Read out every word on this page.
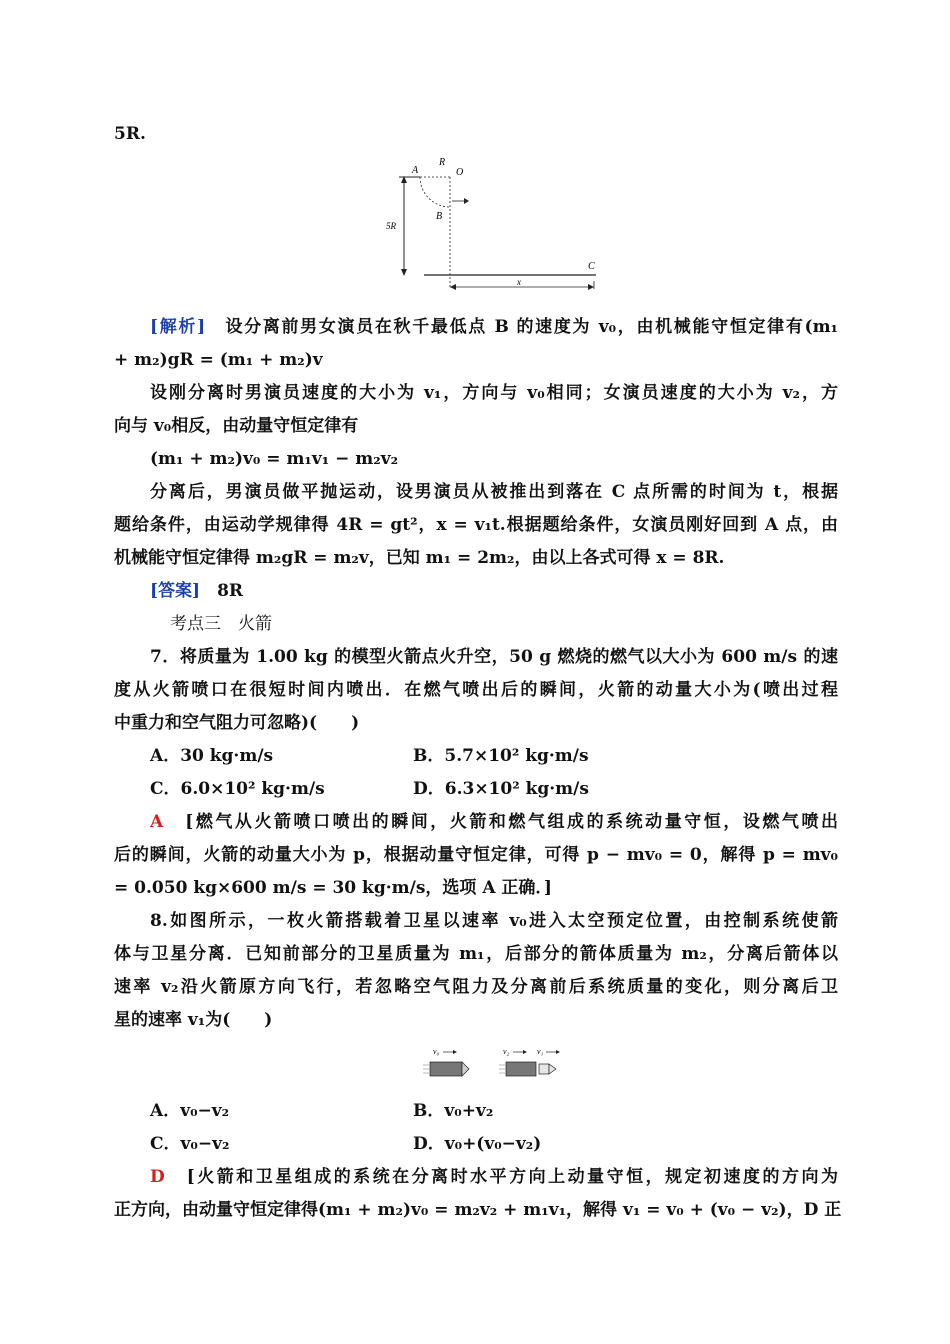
5R.
5R
A
R
O
B
C
x
[解析]　 设分离前男女演员在秋千最低点 B 的速度为 v₀，由机械能守恒定律有(m₁
+ m₂)gR = (m₁ + m₂)v
设刚分离时男演员速度的大小为 v₁，方向与 v₀相同；女演员速度的大小为 v₂，方
向与 v₀相反，由动量守恒定律有
(m₁ + m₂)v₀ = m₁v₁ − m₂v₂
分离后，男演员做平抛运动，设男演员从被推出到落在 C 点所需的时间为 t，根据
题给条件，由运动学规律得 4R = gt²，x = v₁t.根据题给条件，女演员刚好回到 A 点，由
机械能守恒定律得 m₂gR = m₂v，已知 m₁ = 2m₂，由以上各式可得 x = 8R.
[答案]　 8R
考点三　火箭
7．将质量为 1.00 kg 的模型火箭点火升空，50 g 燃烧的燃气以大小为 600 m/s 的速
度从火箭喷口在很短时间内喷出．在燃气喷出后的瞬间，火箭的动量大小为(喷出过程
中重力和空气阻力可忽略)(　　)
A．30 kg·m/s	B．5.7×10² kg·m/s
C．6.0×10² kg·m/s	D．6.3×10² kg·m/s
A　 [燃气从火箭喷口喷出的瞬间，火箭和燃气组成的系统动量守恒，设燃气喷出
后的瞬间，火箭的动量大小为 p，根据动量守恒定律，可得 p − mv₀ = 0，解得 p = mv₀
= 0.050 kg×600 m/s = 30 kg·m/s，选项 A 正确．]
8.如图所示，一枚火箭搭载着卫星以速率 v₀进入太空预定位置，由控制系统使箭
体与卫星分离．已知前部分的卫星质量为 m₁，后部分的箭体质量为 m₂，分离后箭体以
速率 v₂沿火箭原方向飞行，若忽略空气阻力及分离前后系统质量的变化，则分离后卫
星的速率 v₁为(　　)
v₀	v₂	v₁
A．v₀−v₂	B．v₀+v₂
C．v₀−v₂	D．v₀+(v₀−v₂)
D　 [火箭和卫星组成的系统在分离时水平方向上动量守恒，规定初速度的方向为
正方向，由动量守恒定律得(m₁ + m₂)v₀ = m₂v₂ + m₁v₁，解得 v₁ = v₀ + (v₀ − v₂)，D 正
